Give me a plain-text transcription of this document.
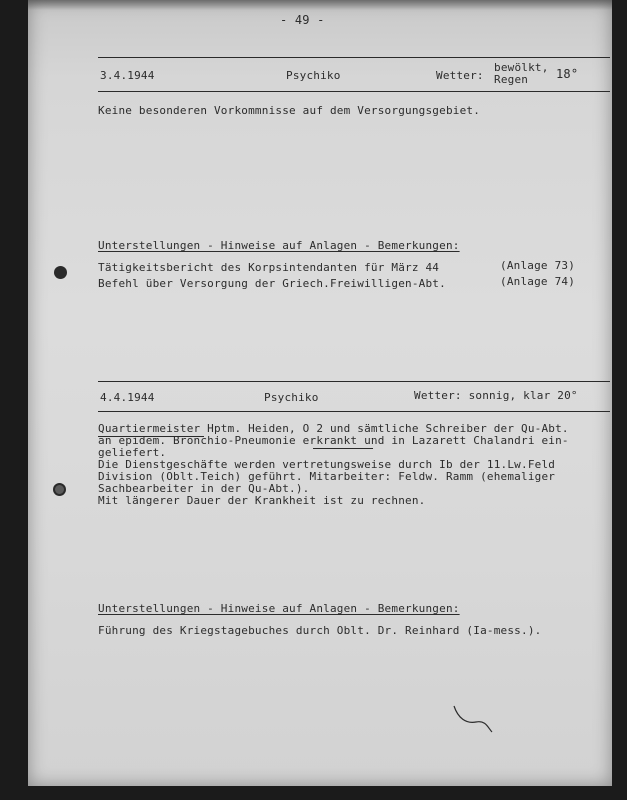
- 49 -
3.4.1944	Psychiko	Wetter:
bewölkt,
Regen 18°
Keine besonderen Vorkommnisse auf dem Versorgungsgebiet.
Unterstellungen - Hinweise auf Anlagen - Bemerkungen:
Tätigkeitsbericht des Korpsintendanten für März 44	(Anlage 73)
Befehl über Versorgung der Griech.Freiwilligen-Abt.	(Anlage 74)
4.4.1944	Psychiko	Wetter: sonnig, klar 20°
Quartiermeister Hptm. Heiden, O 2 und sämtliche Schreiber der Qu-Abt.
an epidem. Bronchio-Pneumonie erkrankt und in Lazarett Chalandri ein-
geliefert.
Die Dienstgeschäfte werden vertretungsweise durch Ib der 11.Lw.Feld
Division (Oblt.Teich) geführt. Mitarbeiter: Feldw. Ramm (ehemaliger
Sachbearbeiter in der Qu-Abt.).
Mit längerer Dauer der Krankheit ist zu rechnen.
Unterstellungen - Hinweise auf Anlagen - Bemerkungen:
Führung des Kriegstagebuches durch Oblt. Dr. Reinhard (Ia-mess.).
